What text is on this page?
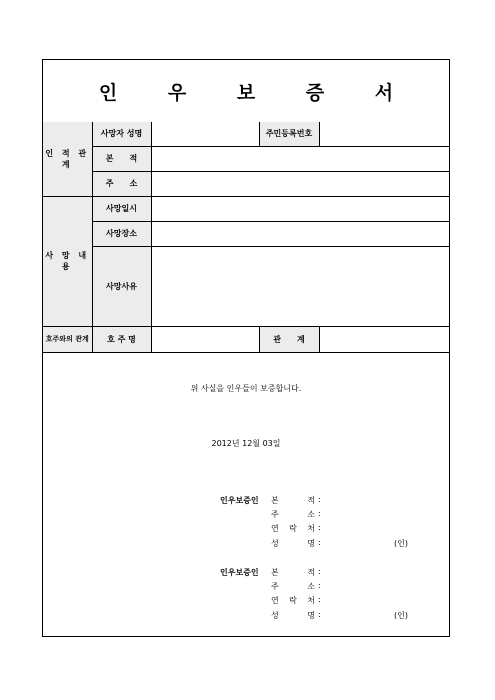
인 우 보 증 서
인 적 관 계	사망자 성명		주민등록번호	
	본　　적			
	주　　소			
사 망 내 용	사망일시			
	사망장소			
	사망사유			
호주와의 관계	호 주 명		관　　계	
위 사실을 인우들이 보증합니다.
2012년 12월 03일
인우보증인 본 적 :
주 소 :
연 락 처 :
성 명 :	(인)
인우보증인 본 적 :
주 소 :
연 락 처 :
성 명 :	(인)
